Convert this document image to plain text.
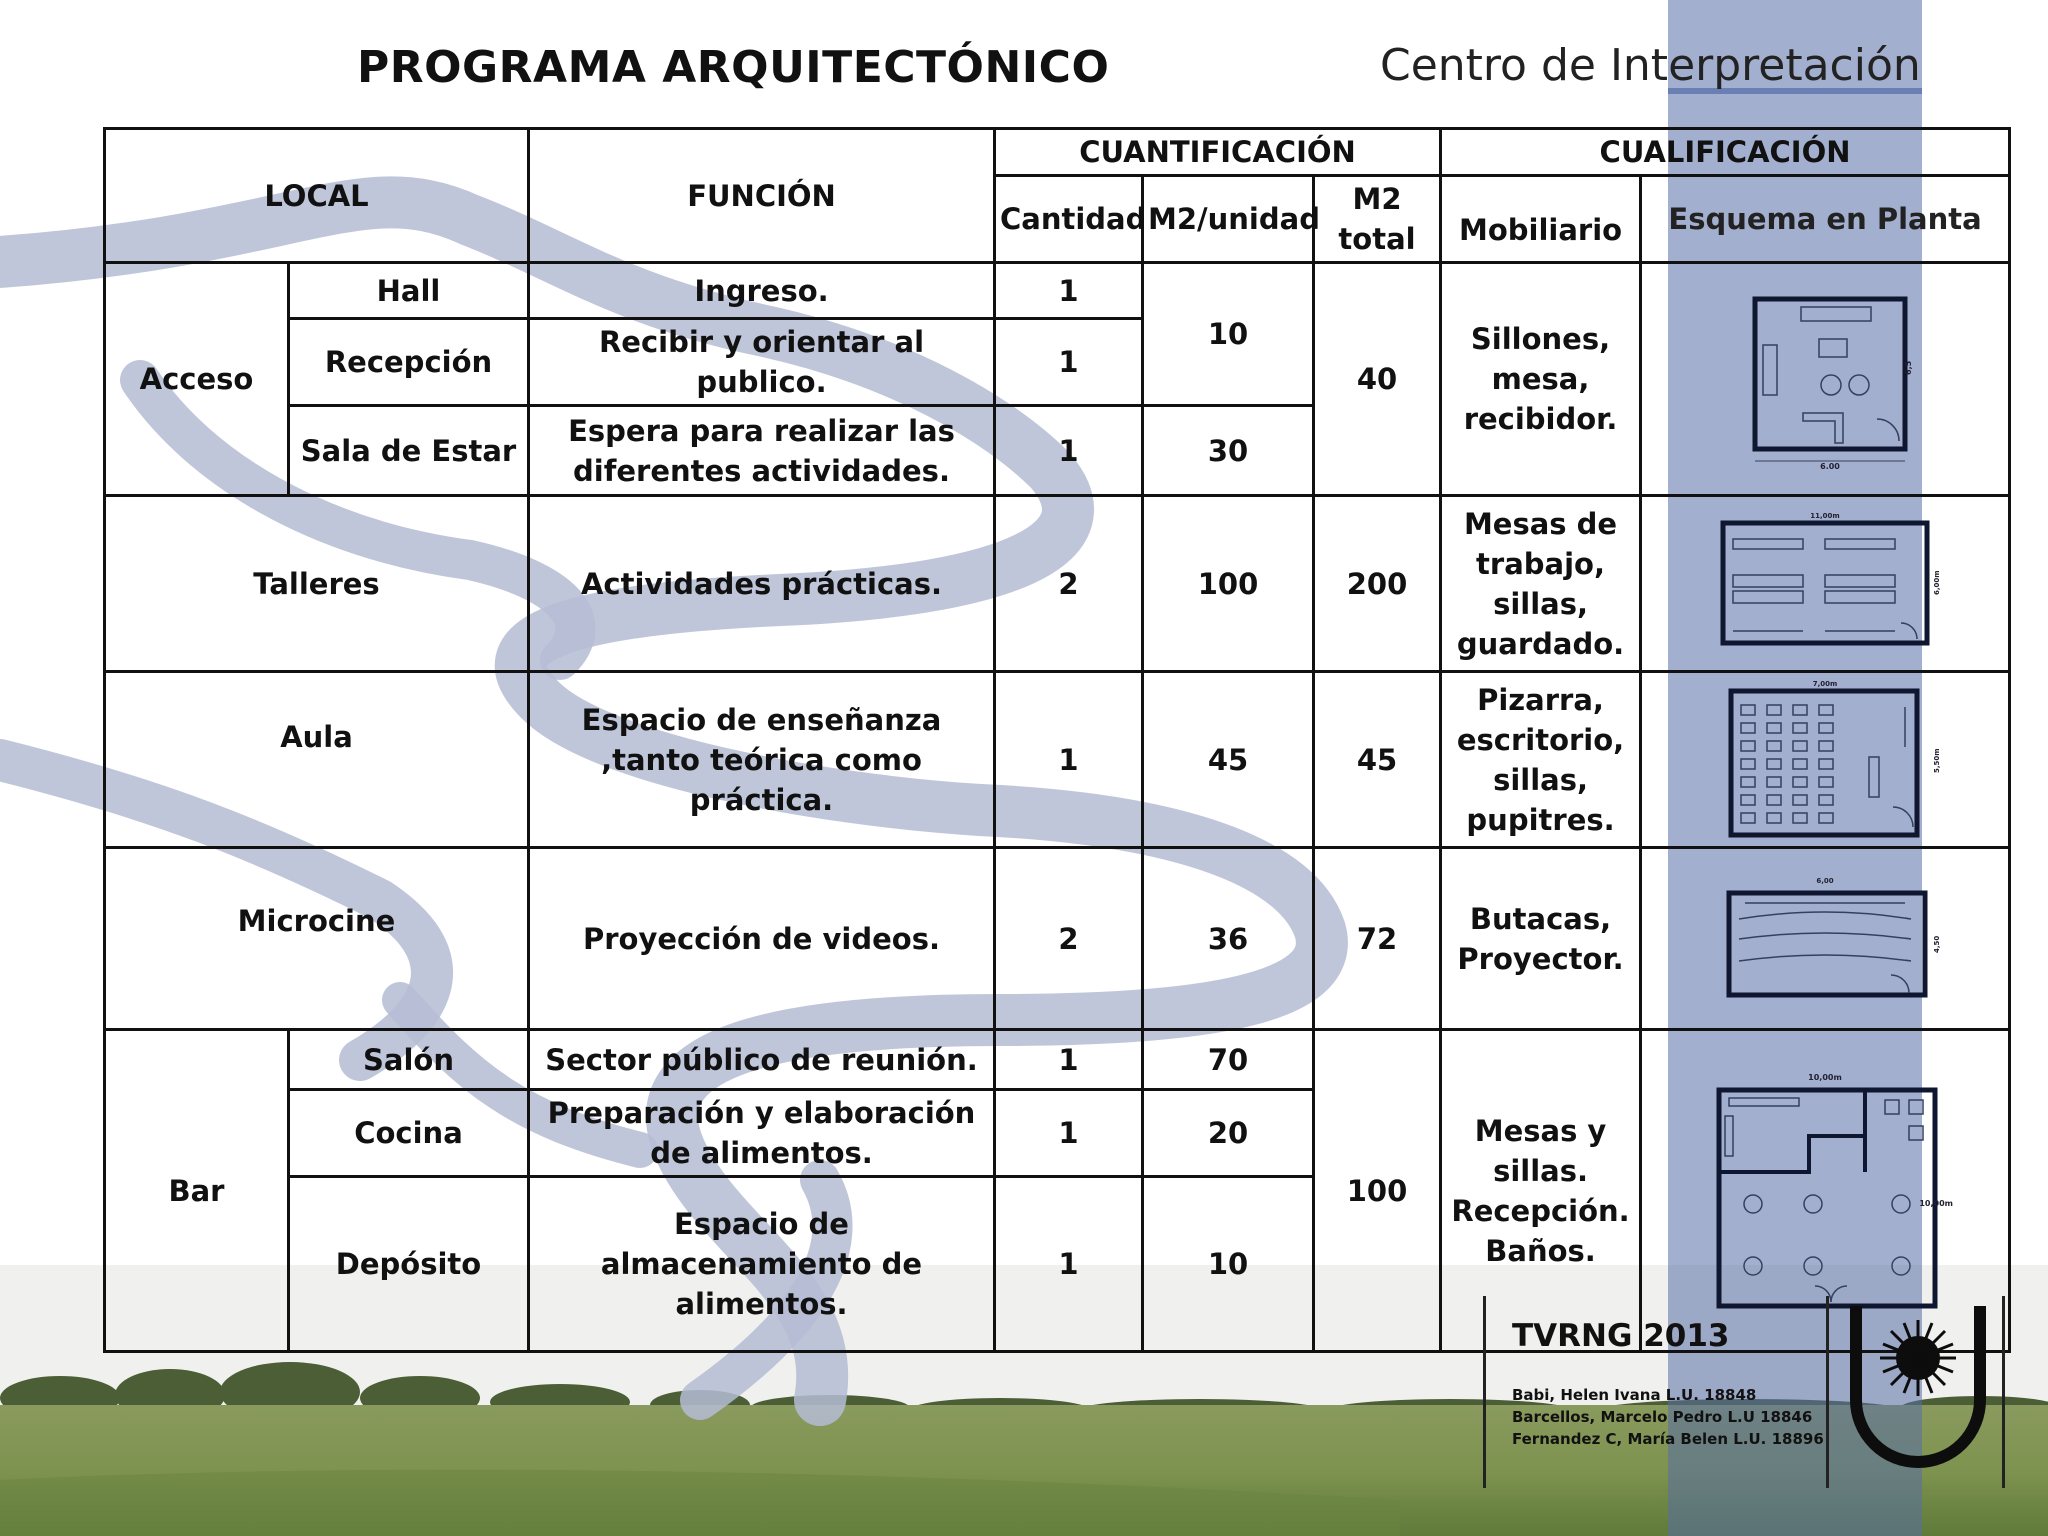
PROGRAMA ARQUITECTÓNICO	Centro de Interpretación
LOCAL		FUNCIÓN	CUANTIFICACIÓN			CUALIFICACIÓN	
			Cantidad	M2/unidad	M2 total	Mobiliario	Esquema en Planta
Acceso	Hall	Ingreso.	1	10	40	Sillones, mesa, recibidor.	6,00
6,5

	Recepción	Recibir y orientar al publico.	1				
	Sala de Estar	Espera para realizar las diferentes actividades.	1	30			
Talleres		Actividades prácticas.	2	100	200	Mesas de trabajo, sillas, guardado.	11,00m
6,00m

Aula		Espacio de enseñanza ,tanto teórica como práctica.	1	45	45	Pizarra, escritorio, sillas, pupitres.	7,00m
5,50m

Microcine		Proyección de videos.	2	36	72	Butacas, Proyector.	6,00
4,50

Bar	Salón	Sector público de reunión.	1	70	100	Mesas y sillas. Recepción. Baños.	10,00m
10,00m

	Cocina	Preparación y elaboración de alimentos.	1	20			
	Depósito	Espacio de almacenamiento de alimentos.	1	10			
TVRNG 2013
Babi, Helen Ivana L.U. 18848
Barcellos, Marcelo Pedro L.U 18846
Fernandez C, María Belen L.U. 18896
